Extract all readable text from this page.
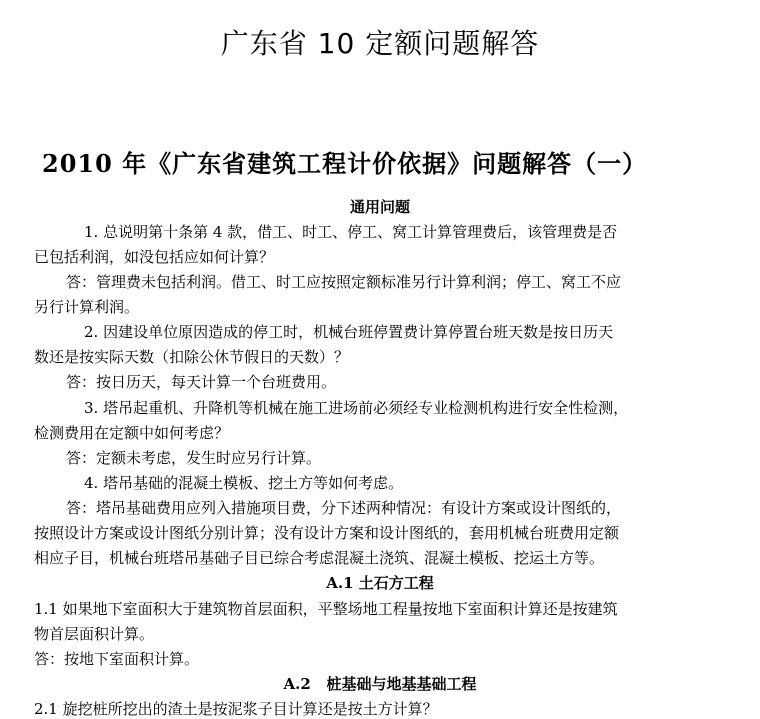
广东省 10 定额问题解答
2010 年《广东省建筑工程计价依据》问题解答（一）
通用问题
1. 总说明第十条第 4 款，借工、时工、停工、窝工计算管理费后，该管理费是否
已包括利润，如没包括应如何计算？
答：管理费未包括利润。借工、时工应按照定额标准另行计算利润；停工、窝工不应
另行计算利润。
2. 因建设单位原因造成的停工时，机械台班停置费计算停置台班天数是按日历天
数还是按实际天数（扣除公休节假日的天数）？
答：按日历天，每天计算一个台班费用。
3. 塔吊起重机、升降机等机械在施工进场前必须经专业检测机构进行安全性检测，
检测费用在定额中如何考虑？
答：定额未考虑，发生时应另行计算。
4. 塔吊基础的混凝土模板、挖土方等如何考虑。
答：塔吊基础费用应列入措施项目费，分下述两种情况：有设计方案或设计图纸的，
按照设计方案或设计图纸分别计算；没有设计方案和设计图纸的，套用机械台班费用定额
相应子目，机械台班塔吊基础子目已综合考虑混凝土浇筑、混凝土模板、挖运土方等。
A.1 土石方工程
1.1 如果地下室面积大于建筑物首层面积，平整场地工程量按地下室面积计算还是按建筑
物首层面积计算。
答：按地下室面积计算。
A.2   桩基础与地基基础工程
2.1 旋挖桩所挖出的渣土是按泥浆子目计算还是按土方计算？
